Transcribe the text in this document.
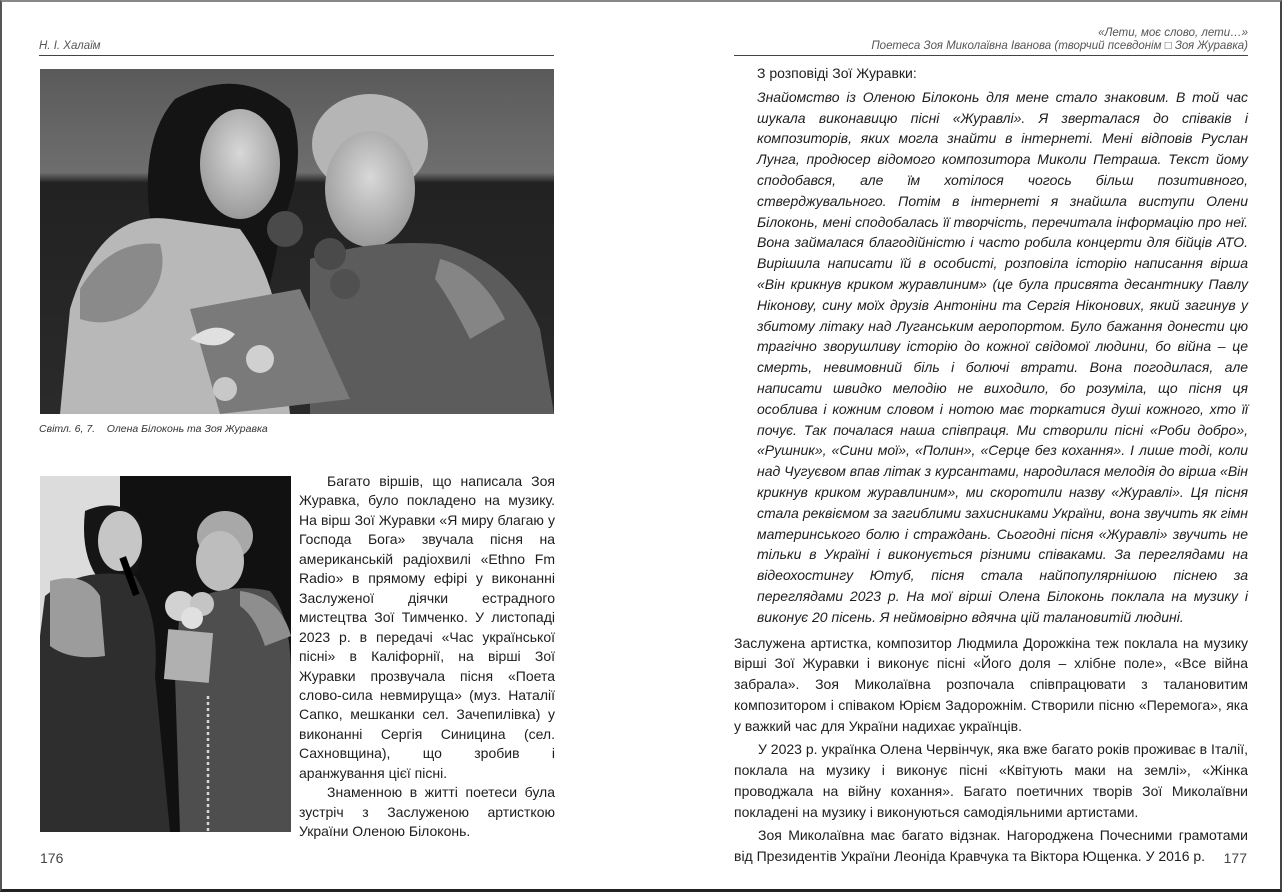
Н. І. Халаїм
Світл. 6, 7.    Олена Білоконь та Зоя Журавка

Багато віршів, що написала Зоя Журавка, було покладено на музику. На вірш Зої Журавки «Я миру благаю у Господа Бога» звучала пісня на американській радіохвилі «Ethno Fm Radio» в прямому ефірі у виконанні Заслуженої діячки естрадного мистецтва Зої Тимченко. У листопаді 2023 р. в передачі «Час української пісні» в Каліфорнії, на вірші Зої Журавки прозвучала пісня «Поета слово-сила невмируща» (муз. Наталії Сапко, мешканки сел. Зачепилівка) у виконанні Сергія Синицина (сел. Сахновщина), що зробив і аранжування цієї пісні.

Знаменною в житті поетеси була зустріч з Заслуженою артисткою України Оленою Білоконь.

176
«Лети, моє слово, лети…»
Поетеса Зоя Миколаївна Іванова (творчий псевдонім □ Зоя Журавка)
З розповіді Зої Журавки:
Знайомство із Оленою Білоконь для мене стало знаковим. В той час шукала виконавицю пісні «Журавлі». Я зверталася до співаків і композиторів, яких могла знайти в інтернеті. Мені відповів Руслан Лунга, продюсер відомого композитора Миколи Петраша. Текст йому сподобався, але їм хотілося чогось більш позитивного, стверджувального. Потім в інтернеті я знайшла виступи Олени Білоконь, мені сподобалась її творчість, перечитала інформацію про неї. Вона займалася благодійністю і часто робила концерти для бійців АТО. Вирішила написати їй в особисті, розповіла історію написання вірша «Він крикнув криком журавлиним» (це була присвята десантнику Павлу Ніконову, сину моїх друзів Антоніни та Сергія Ніконових, який загинув у збитому літаку над Луганським аеропортом. Було бажання донести цю трагічно зворушливу історію до кожної свідомої людини, бо війна – це смерть, невимовний біль і болючі втрати. Вона погодилася, але написати швидко мелодію не виходило, бо розуміла, що пісня ця особлива і кожним словом і нотою має торкатися душі кожного, хто її почує. Так почалася наша співпраця. Ми створили пісні «Роби добро», «Рушник», «Сини мої», «Полин», «Серце без кохання». І лише тоді, коли над Чугуєвом впав літак з курсантами, народилася мелодія до вірша «Він крикнув криком журавлиним», ми скоротили назву «Журавлі». Ця пісня стала реквіємом за загиблими захисниками України, вона звучить як гімн материнського болю і страждань. Сьогодні пісня «Журавлі» звучить не тільки в Україні і виконується різними співаками. За переглядами на відеохостингу Ютуб, пісня стала найпопулярнішою піснею за переглядами 2023 р. На мої вірші Олена Білоконь поклала на музику і виконує 20 пісень. Я неймовірно вдячна цій талановитій людині.

Заслужена артистка, композитор Людмила Дорожкіна теж поклала на музику вірші Зої Журавки і виконує пісні «Його доля – хлібне поле», «Все війна забрала». Зоя Миколаївна розпочала співпрацювати з талановитим композитором і співаком Юрієм Задорожнім. Створили пісню «Перемога», яка у важкий час для України надихає українців.

У 2023 р. українка Олена Червінчук, яка вже багато років проживає в Італії, поклала на музику і виконує пісні «Квітують маки на землі», «Жінка проводжала на війну кохання». Багато поетичних творів Зої Миколаївни покладені на музику і виконуються самодіяльними артистами.

Зоя Миколаївна має багато відзнак. Нагороджена Почесними грамотами від Президентів України Леоніда Кравчука та Віктора Ющенка. У 2016 р.	177
